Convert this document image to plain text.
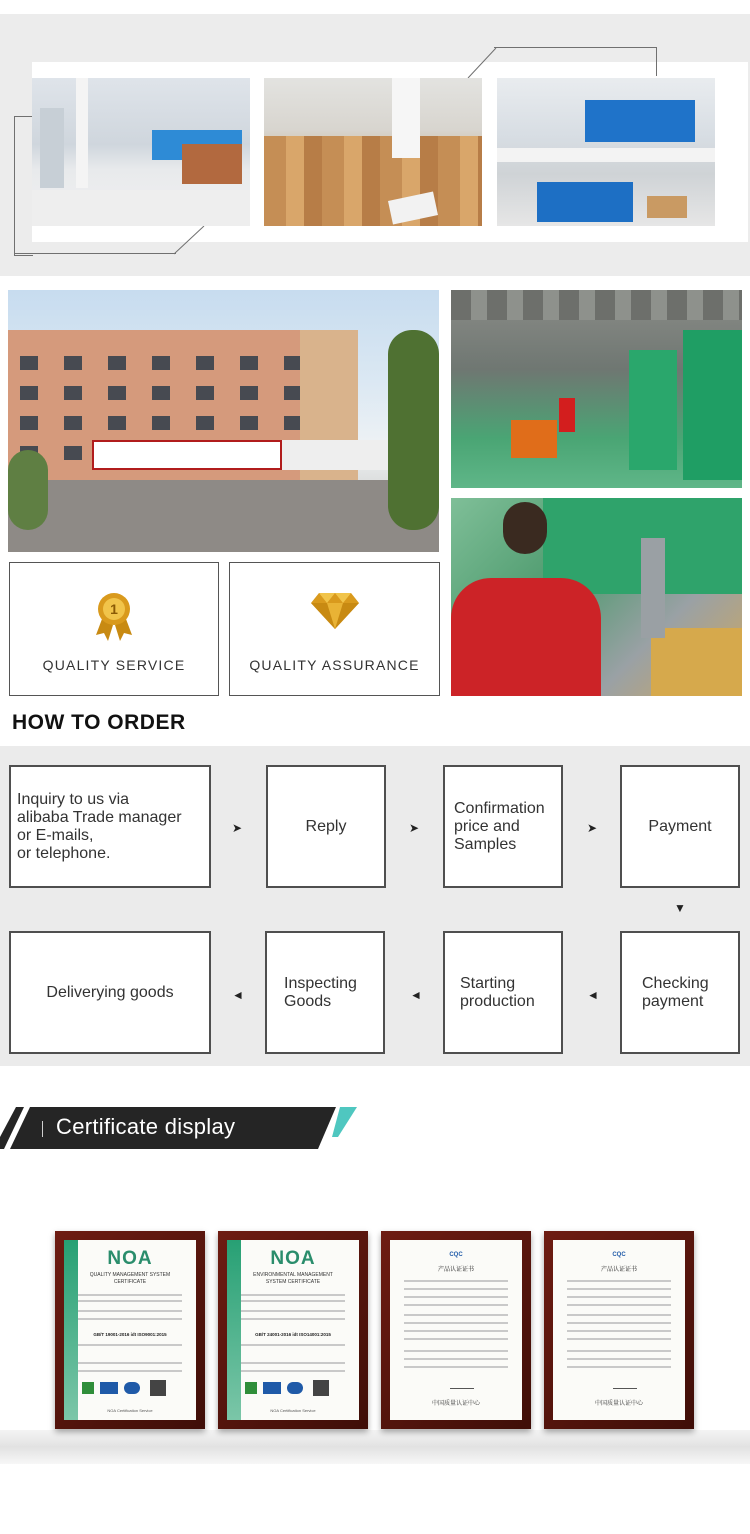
1
QUALITY SERVICE	QUALITY ASSURANCE
HOW TO ORDER
Inquiry to us via
alibaba Trade manager
or E-mails,
or telephone.
➤	Reply	➤
Confirmation
price and
Samples
➤	Payment
▼
Deliverying goods	◄
Inspecting
Goods	◄
Starting
production	◄
Checking
payment
Certificate display
NOA
QUALITY MANAGEMENT SYSTEM
CERTIFICATE
GB/T 19001-2016 idt ISO9001:2015
NOA Certification Service
NOA
ENVIRONMENTAL MANAGEMENT
SYSTEM CERTIFICATE
GB/T 24001-2016 idt ISO14001:2015
NOA Certification Service
CQC
产品认证证书
中国质量认证中心
CQC
产品认证证书
中国质量认证中心
